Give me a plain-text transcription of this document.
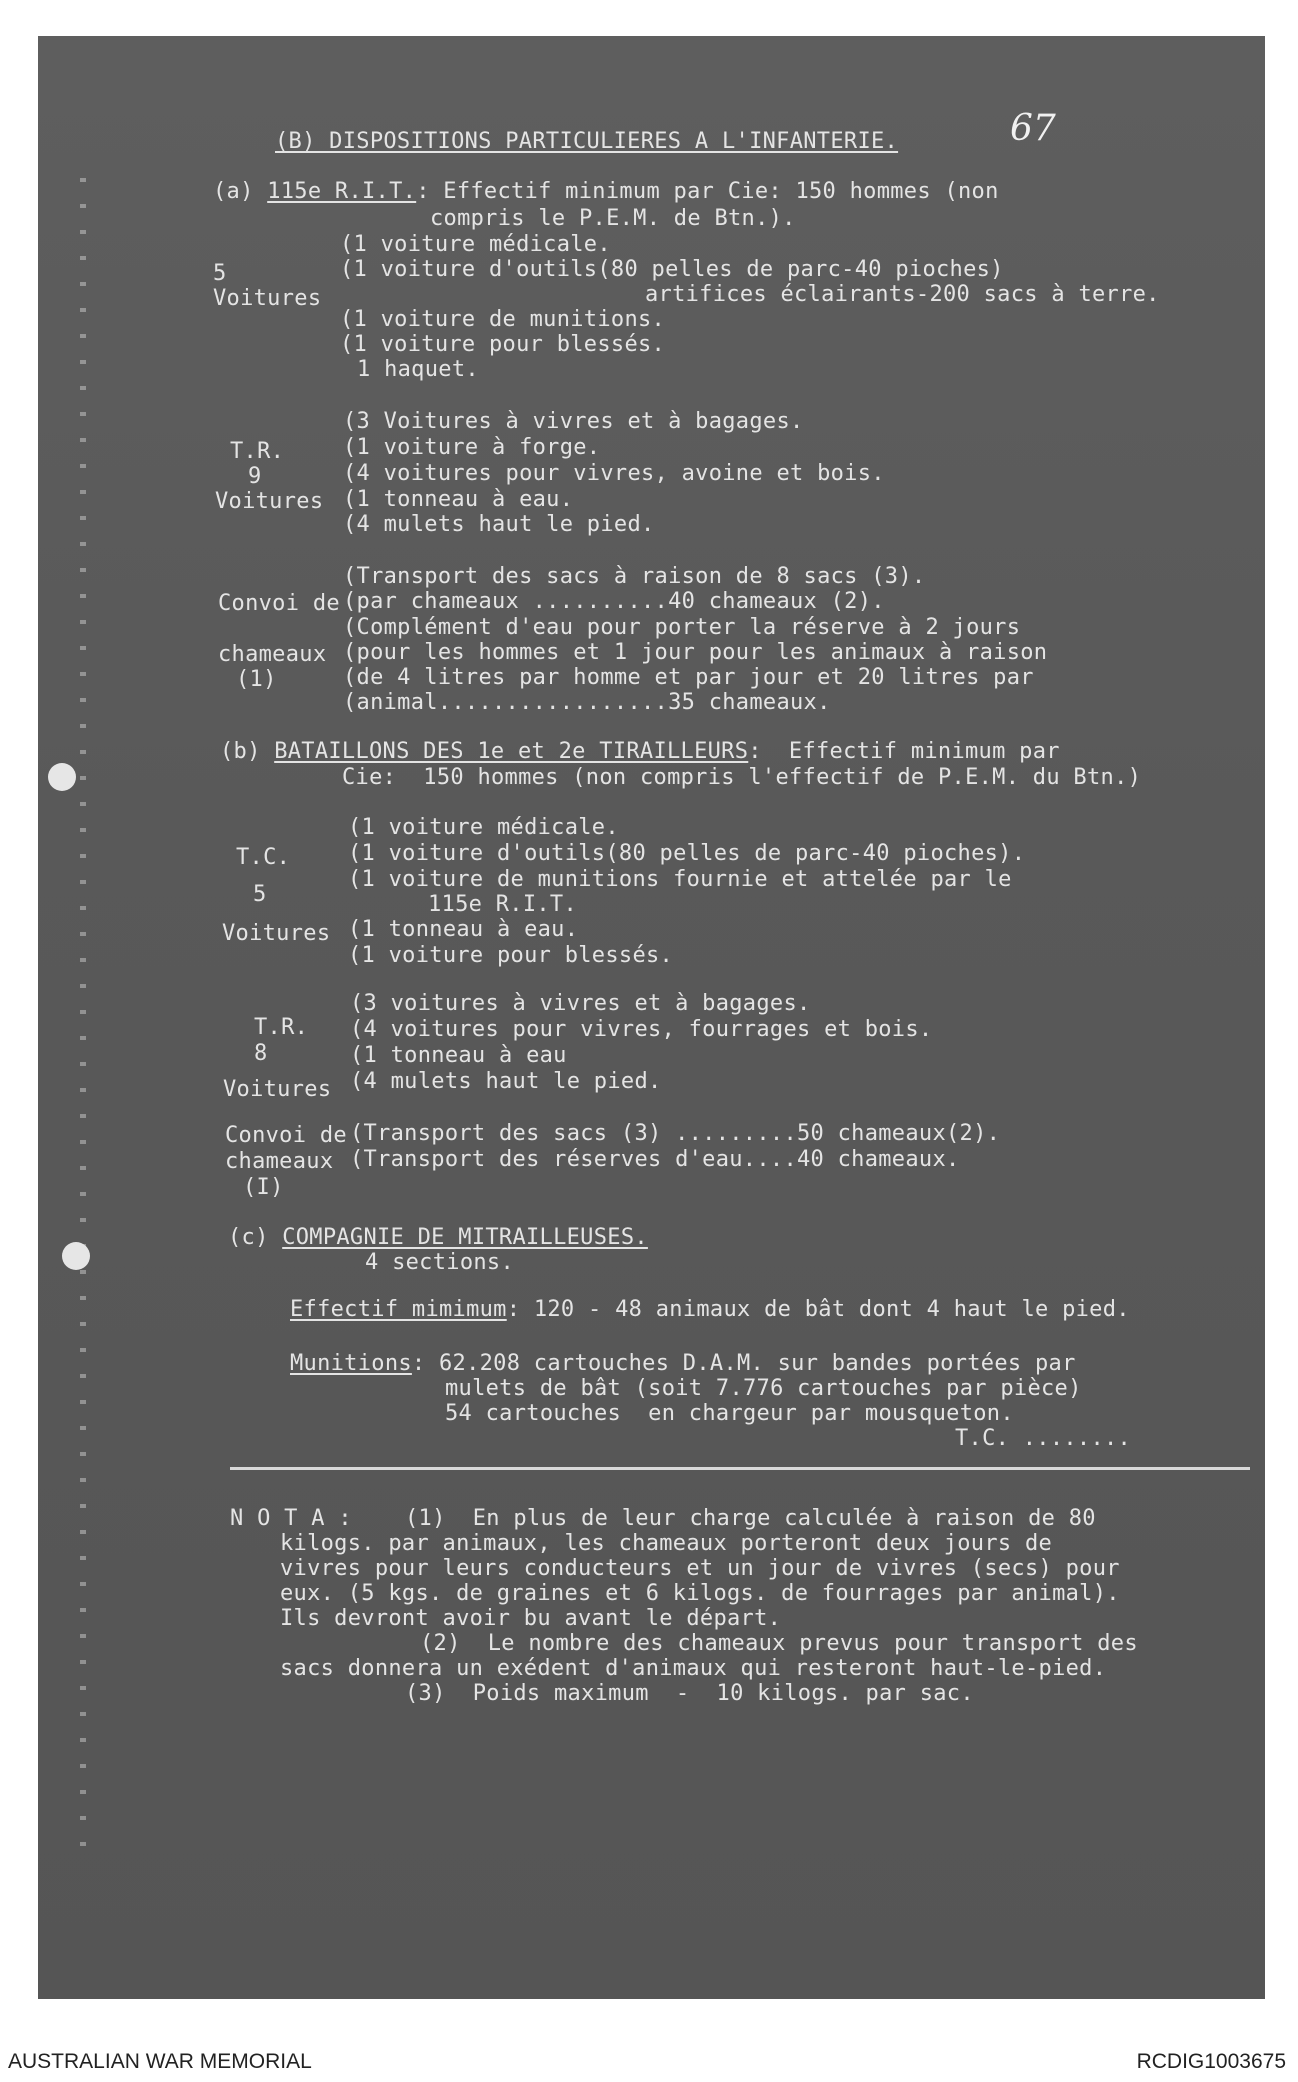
67
(B) DISPOSITIONS PARTICULIERES A L'INFANTERIE.
(a) 115e R.I.T.: Effectif minimum par Cie: 150 hommes (non
compris le P.E.M. de Btn.).
5
Voitures
(1 voiture médicale.
(1 voiture d'outils(80 pelles de parc-40 pioches)
artifices éclairants-200 sacs à terre.
(1 voiture de munitions.
(1 voiture pour blessés.
1 haquet.
T.R.
9
Voitures
(3 Voitures à vivres et à bagages.
(1 voiture à forge.
(4 voitures pour vivres, avoine et bois.
(1 tonneau à eau.
(4 mulets haut le pied.
Convoi de
chameaux
(1)
(Transport des sacs à raison de 8 sacs (3).
(par chameaux ..........40 chameaux (2).
(Complément d'eau pour porter la réserve à 2 jours
(pour les hommes et 1 jour pour les animaux à raison
(de 4 litres par homme et par jour et 20 litres par
(animal.................35 chameaux.
(b) BATAILLONS DES 1e et 2e TIRAILLEURS:  Effectif minimum par
Cie:  150 hommes (non compris l'effectif de P.E.M. du Btn.)
T.C.
5
Voitures
(1 voiture médicale.
(1 voiture d'outils(80 pelles de parc-40 pioches).
(1 voiture de munitions fournie et attelée par le
115e R.I.T.
(1 tonneau à eau.
(1 voiture pour blessés.
T.R.
8
Voitures
(3 voitures à vivres et à bagages.
(4 voitures pour vivres, fourrages et bois.
(1 tonneau à eau
(4 mulets haut le pied.
Convoi de
chameaux
(I)
(Transport des sacs (3) .........50 chameaux(2).
(Transport des réserves d'eau....40 chameaux.
(c) COMPAGNIE DE MITRAILLEUSES.
4 sections.
Effectif mimimum: 120 - 48 animaux de bât dont 4 haut le pied.
Munitions: 62.208 cartouches D.A.M. sur bandes portées par
mulets de bât (soit 7.776 cartouches par pièce)
54 cartouches  en chargeur par mousqueton.
T.C. ........
N O T A : (1)  En plus de leur charge calculée à raison de 80
kilogs. par animaux, les chameaux porteront deux jours de
vivres pour leurs conducteurs et un jour de vivres (secs) pour
eux. (5 kgs. de graines et 6 kilogs. de fourrages par animal).
Ils devront avoir bu avant le départ.
(2)  Le nombre des chameaux prevus pour transport des
sacs donnera un exédent d'animaux qui resteront haut-le-pied.
(3)  Poids maximum  -  10 kilogs. par sac.
AUSTRALIAN WAR MEMORIAL	RCDIG1003675
